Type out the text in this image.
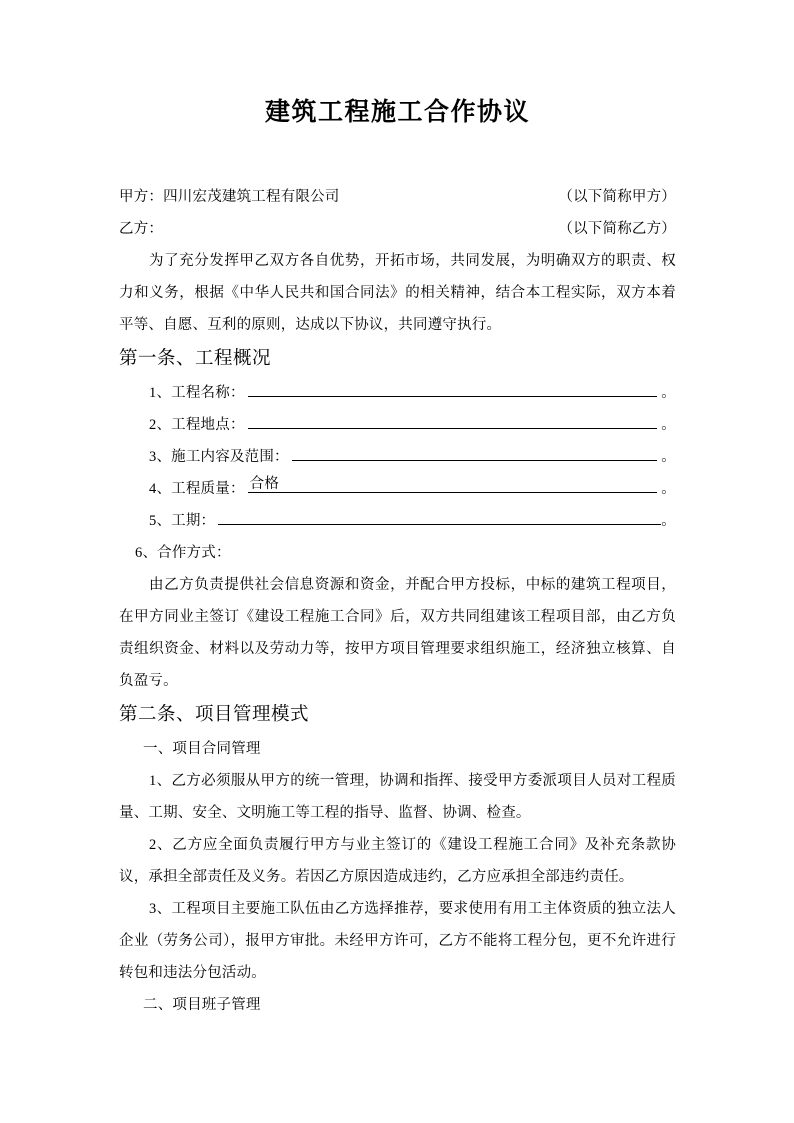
建筑工程施工合作协议
甲方：四川宏茂建筑工程有限公司	（以下简称甲方）
乙方：	（以下简称乙方）

为了充分发挥甲乙双方各自优势，开拓市场，共同发展，为明确双方的职责、权力和义务，根据《中华人民共和国合同法》的相关精神，结合本工程实际，双方本着平等、自愿、互利的原则，达成以下协议，共同遵守执行。

第一条、工程概况
1、工程名称：	。
2、工程地点：	。
3、施工内容及范围：	。
4、工程质量： 合格	。
5、工期：	。

6、合作方式：

由乙方负责提供社会信息资源和资金，并配合甲方投标，中标的建筑工程项目，在甲方同业主签订《建设工程施工合同》后，双方共同组建该工程项目部，由乙方负责组织资金、材料以及劳动力等，按甲方项目管理要求组织施工，经济独立核算、自负盈亏。

第二条、项目管理模式

一、项目合同管理

1、乙方必须服从甲方的统一管理，协调和指挥、接受甲方委派项目人员对工程质量、工期、安全、文明施工等工程的指导、监督、协调、检查。

2、乙方应全面负责履行甲方与业主签订的《建设工程施工合同》及补充条款协议，承担全部责任及义务。若因乙方原因造成违约，乙方应承担全部违约责任。

3、工程项目主要施工队伍由乙方选择推荐，要求使用有用工主体资质的独立法人企业（劳务公司），报甲方审批。未经甲方许可，乙方不能将工程分包，更不允许进行转包和违法分包活动。

二、项目班子管理
